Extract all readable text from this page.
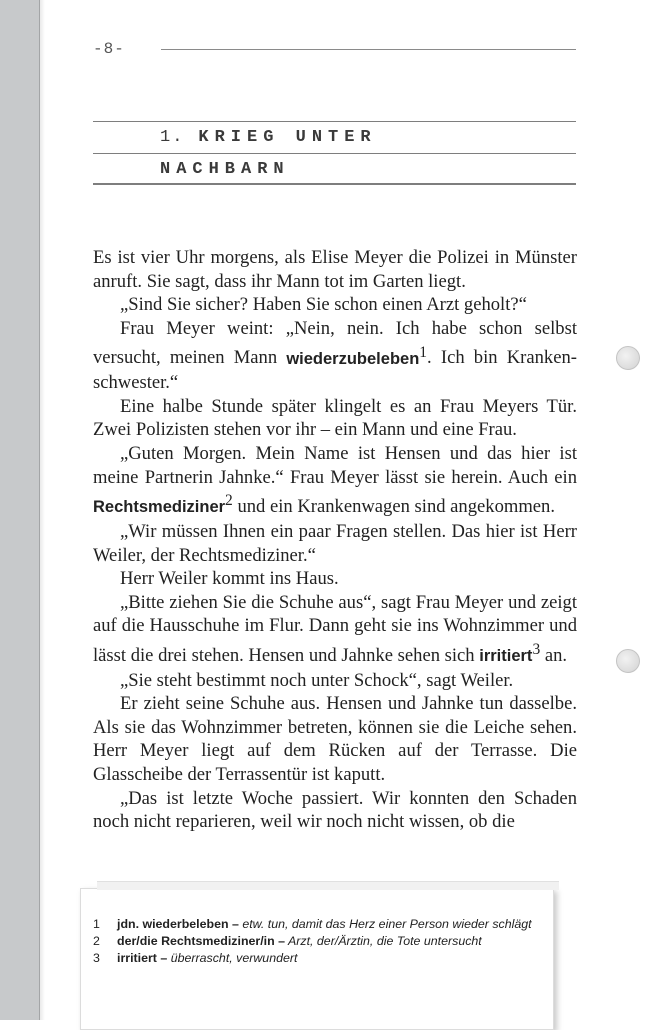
-8-
1. KRIEG UNTER
NACHBARN

Es ist vier Uhr morgens, als Elise Meyer die Polizei in Münster anruft. Sie sagt, dass ihr Mann tot im Garten liegt.

„Sind Sie sicher? Haben Sie schon einen Arzt geholt?“

Frau Meyer weint: „Nein, nein. Ich habe schon selbst versucht, meinen Mann wiederzubeleben$^1$. Ich bin Krankenschwester.“

Eine halbe Stunde später klingelt es an Frau Meyers Tür. Zwei Polizisten stehen vor ihr – ein Mann und eine Frau.

„Guten Morgen. Mein Name ist Hensen und das hier ist meine Partnerin Jahnke.“ Frau Meyer lässt sie herein. Auch ein Rechtsmediziner$^2$ und ein Krankenwagen sind angekommen.

„Wir müssen Ihnen ein paar Fragen stellen. Das hier ist Herr Weiler, der Rechtsmediziner.“

Herr Weiler kommt ins Haus.

„Bitte ziehen Sie die Schuhe aus“, sagt Frau Meyer und zeigt auf die Hausschuhe im Flur. Dann geht sie ins Wohnzimmer und lässt die drei stehen. Hensen und Jahnke sehen sich irritiert$^3$ an.

„Sie steht bestimmt noch unter Schock“, sagt Weiler.

Er zieht seine Schuhe aus. Hensen und Jahnke tun dasselbe. Als sie das Wohnzimmer betreten, können sie die Leiche sehen. Herr Meyer liegt auf dem Rücken auf der Terrasse. Die Glasscheibe der Terrassentür ist kaputt.

„Das ist letzte Woche passiert. Wir konnten den Schaden noch nicht reparieren, weil wir noch nicht wissen, ob die

1 jdn. wiederbeleben – etw. tun, damit das Herz einer Person wieder schlägt
2 der/die Rechtsmediziner/in – Arzt, der/Ärztin, die Tote untersucht
3 irritiert – überrascht, verwundert
